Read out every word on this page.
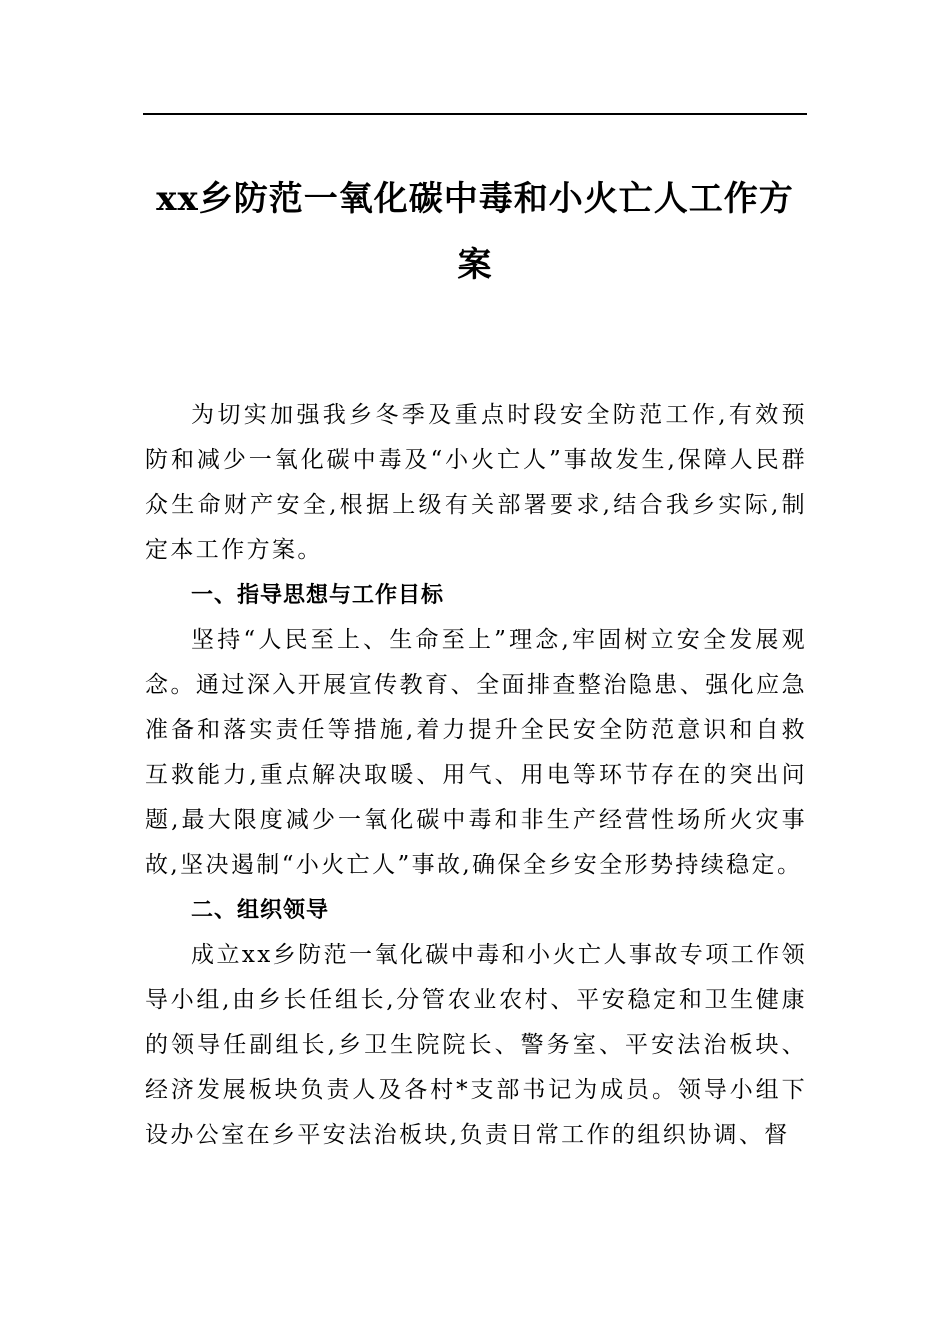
xx乡防范一氧化碳中毒和小火亡人工作方案

为切实加强我乡冬季及重点时段安全防范工作,有效预防和减少一氧化碳中毒及“小火亡人”事故发生,保障人民群众生命财产安全,根据上级有关部署要求,结合我乡实际,制定本工作方案。

一、指导思想与工作目标

坚持“人民至上、生命至上”理念,牢固树立安全发展观念。通过深入开展宣传教育、全面排查整治隐患、强化应急准备和落实责任等措施,着力提升全民安全防范意识和自救互救能力,重点解决取暖、用气、用电等环节存在的突出问题,最大限度减少一氧化碳中毒和非生产经营性场所火灾事故,坚决遏制“小火亡人”事故,确保全乡安全形势持续稳定。

二、组织领导

成立xx乡防范一氧化碳中毒和小火亡人事故专项工作领导小组,由乡长任组长,分管农业农村、平安稳定和卫生健康的领导任副组长,乡卫生院院长、警务室、平安法治板块、经济发展板块负责人及各村*支部书记为成员。领导小组下设办公室在乡平安法治板块,负责日常工作的组织协调、督
